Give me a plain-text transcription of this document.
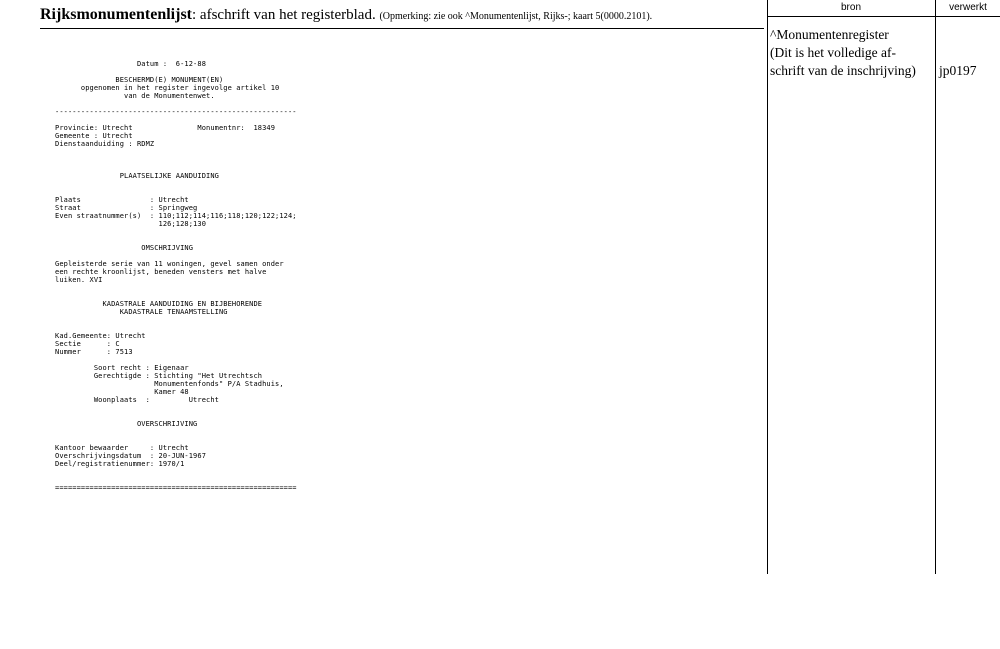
Rijksmonumentenlijst: afschrift van het registerblad. (Opmerking: zie ook ^Monumentenlijst, Rijks-; kaart 5(0000.2101).
bron	verwerkt
^Monumentenregister
(Dit is het volledige af-
schrift van de inschrijving) jp0197
Datum :  6-12-88
BESCHERMD(E) MONUMENT(EN)
opgenomen in het register ingevolge artikel 10
van de Monumentenwet.
--------------------------------------------------------
Provincie: Utrecht               Monumentnr:  18349
Gemeente : Utrecht
Dienstaanduiding : RDMZ
PLAATSELIJKE AANDUIDING
Plaats                : Utrecht
Straat                : Springweg
Even straatnummer(s)  : 110;112;114;116;118;120;122;124;
126;128;130
OMSCHRIJVING
Gepleisterde serie van 11 woningen, gevel samen onder
een rechte kroonlijst, beneden vensters met halve
luiken. XVI
KADASTRALE AANDUIDING EN BIJBEHORENDE
KADASTRALE TENAAMSTELLING
Kad.Gemeente: Utrecht
Sectie      : C
Nummer      : 7513
Soort recht : Eigenaar
Gerechtigde : Stichting "Het Utrechtsch
Monumentenfonds" P/A Stadhuis,
Kamer 48
Woonplaats  :         Utrecht
OVERSCHRIJVING
Kantoor bewaarder     : Utrecht
Overschrijvingsdatum  : 20-JUN-1967
Deel/registratienummer: 1970/1
========================================================
